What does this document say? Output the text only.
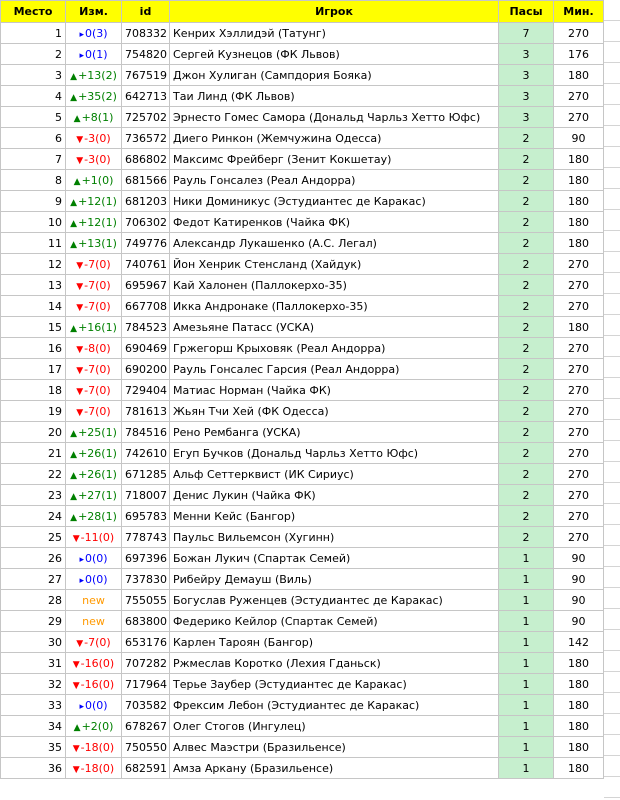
Место	Изм.	id	Игрок	Пасы	Мин.
1	▸0(3)	708332	Кенрих Хэллидэй (Татунг)	7	270
2	▸0(1)	754820	Сергей Кузнецов (ФК Львов)	3	176
3	▲+13(2)	767519	Джон Хулиган (Сампдория Бояка)	3	180
4	▲+35(2)	642713	Таи Линд (ФК Львов)	3	270
5	▲+8(1)	725702	Эрнесто Гомес Самора (Дональд Чарльз Хетто Юфс)	3	270
6	▼-3(0)	736572	Диего Ринкон (Жемчужина Одесса)	2	90
7	▼-3(0)	686802	Максимс Фрейберг (Зенит Кокшетау)	2	180
8	▲+1(0)	681566	Рауль Гонсалез (Реал Андорра)	2	180
9	▲+12(1)	681203	Ники Доминикус (Эстудиантес де Каракас)	2	180
10	▲+12(1)	706302	Федот Катиренков (Чайка ФК)	2	180
11	▲+13(1)	749776	Александр Лукашенко (А.С. Легал)	2	180
12	▼-7(0)	740761	Йон Хенрик Стенсланд (Хайдук)	2	270
13	▼-7(0)	695967	Кай Халонен (Паллокерхо-35)	2	270
14	▼-7(0)	667708	Икка Андронаке (Паллокерхо-35)	2	270
15	▲+16(1)	784523	Амезьяне Патасс (УСКА)	2	180
16	▼-8(0)	690469	Гржегорш Крыховяк (Реал Андорра)	2	270
17	▼-7(0)	690200	Рауль Гонсалес Гарсия (Реал Андорра)	2	270
18	▼-7(0)	729404	Матиас Норман (Чайка ФК)	2	270
19	▼-7(0)	781613	Жьян Тчи Хей (ФК Одесса)	2	270
20	▲+25(1)	784516	Рено Рембанга (УСКА)	2	270
21	▲+26(1)	742610	Егуп Бучков (Дональд Чарльз Хетто Юфс)	2	270
22	▲+26(1)	671285	Альф Сеттерквист (ИК Сириус)	2	270
23	▲+27(1)	718007	Денис Лукин (Чайка ФК)	2	270
24	▲+28(1)	695783	Менни Кейс (Бангор)	2	270
25	▼-11(0)	778743	Паульс Вильемсон (Хугинн)	2	270
26	▸0(0)	697396	Божан Лукич (Спартак Семей)	1	90
27	▸0(0)	737830	Рибейру Демауш (Виль)	1	90
28	new	755055	Богуслав Руженцев (Эстудиантес де Каракас)	1	90
29	new	683800	Федерико Кейлор (Спартак Семей)	1	90
30	▼-7(0)	653176	Карлен Тароян (Бангор)	1	142
31	▼-16(0)	707282	Ржмеслав Коротко (Лехия Гданьск)	1	180
32	▼-16(0)	717964	Терье Заубер (Эстудиантес де Каракас)	1	180
33	▸0(0)	703582	Фрексим Лебон (Эстудиантес де Каракас)	1	180
34	▲+2(0)	678267	Олег Стогов (Ингулец)	1	180
35	▼-18(0)	750550	Алвес Маэстри (Бразильенсе)	1	180
36	▼-18(0)	682591	Амза Аркану (Бразильенсе)	1	180
